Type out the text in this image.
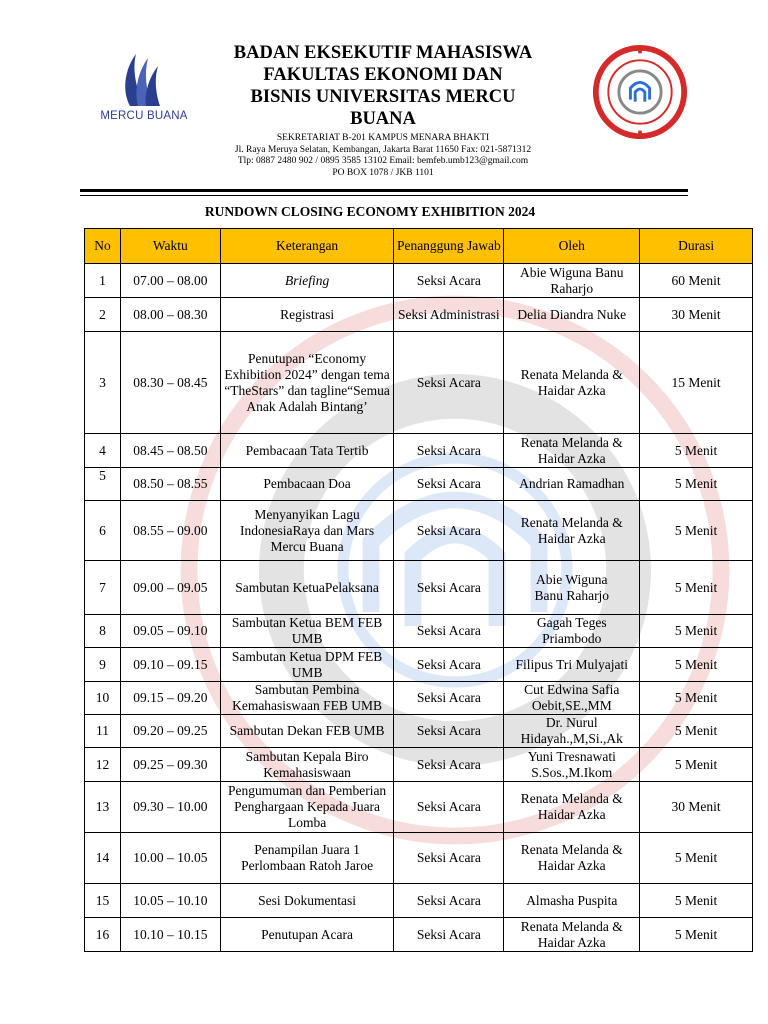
MERCU BUANA

BADAN EKSEKUTIF MAHASISWA

FAKULTAS EKONOMI DAN

BISNIS UNIVERSITAS MERCU

BUANA

SEKRETARIAT B-201 KAMPUS MENARA BHAKTI
Jl. Raya Meruya Selatan, Kembangan, Jakarta Barat 11650 Fax: 021-5871312
Tlp: 0887 2480 902 / 0895 3585 13102 Email: bemfeb.umb123@gmail.com
PO BOX 1078 / JKB 1101
RUNDOWN CLOSING ECONOMY EXHIBITION 2024
No	Waktu	Keterangan	Penanggung Jawab	Oleh	Durasi
1	07.00 – 08.00	Briefing	Seksi Acara	Abie Wiguna Banu Raharjo	60 Menit
2	08.00 – 08.30	Registrasi	Seksi Administrasi	Delia Diandra Nuke	30 Menit
3	08.30 – 08.45	Penutupan “Economy Exhibition 2024” dengan tema “TheStars” dan tagline“Semua Anak Adalah Bintang’	Seksi Acara	Renata Melanda & Haidar Azka	15 Menit
4	08.45 – 08.50	Pembacaan Tata Tertib	Seksi Acara	Renata Melanda & Haidar Azka	5 Menit
5	08.50 – 08.55	Pembacaan Doa	Seksi Acara	Andrian Ramadhan	5 Menit
6	08.55 – 09.00	Menyanyikan Lagu IndonesiaRaya dan Mars Mercu Buana	Seksi Acara	Renata Melanda & Haidar Azka	5 Menit
7	09.00 – 09.05	Sambutan KetuaPelaksana	Seksi Acara	Abie Wiguna Banu Raharjo	5 Menit
8	09.05 – 09.10	Sambutan Ketua BEM FEB UMB	Seksi Acara	Gagah Teges Priambodo	5 Menit
9	09.10 – 09.15	Sambutan Ketua DPM FEB UMB	Seksi Acara	Filipus Tri Mulyajati	5 Menit
10	09.15 – 09.20	Sambutan Pembina Kemahasiswaan FEB UMB	Seksi Acara	Cut Edwina Safia Oebit,SE.,MM	5 Menit
11	09.20 – 09.25	Sambutan Dekan FEB UMB	Seksi Acara	Dr. Nurul Hidayah.,M,Si.,Ak	5 Menit
12	09.25 – 09.30	Sambutan Kepala Biro Kemahasiswaan	Seksi Acara	Yuni Tresnawati S.Sos.,M.Ikom	5 Menit
13	09.30 – 10.00	Pengumuman dan Pemberian Penghargaan Kepada Juara Lomba	Seksi Acara	Renata Melanda & Haidar Azka	30 Menit
14	10.00 – 10.05	Penampilan Juara 1 Perlombaan Ratoh Jaroe	Seksi Acara	Renata Melanda & Haidar Azka	5 Menit
15	10.05 – 10.10	Sesi Dokumentasi	Seksi Acara	Almasha Puspita	5 Menit
16	10.10 – 10.15	Penutupan Acara	Seksi Acara	Renata Melanda & Haidar Azka	5 Menit
